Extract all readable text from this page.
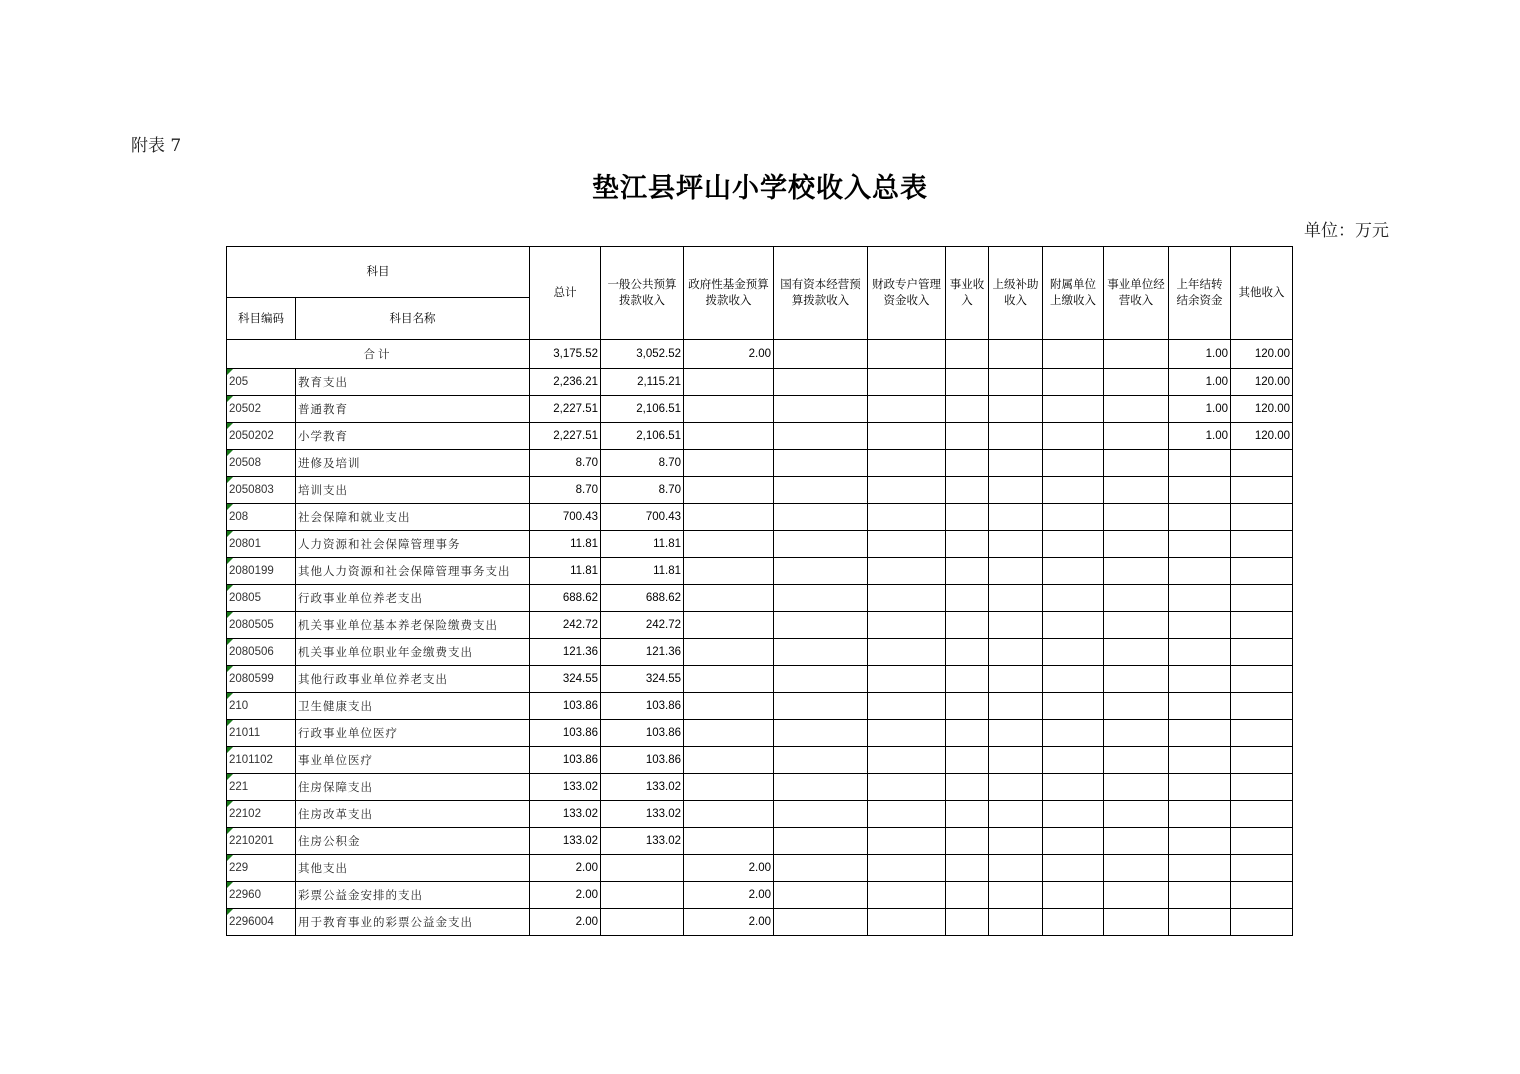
附表 7
垫江县坪山小学校收入总表
单位：万元
科目		总计	一般公共预算拨款收入	政府性基金预算拨款收入	国有资本经营预算拨款收入	财政专户管理资金收入	事业收入	上级补助收入	附属单位上缴收入	事业单位经营收入	上年结转结余资金	其他收入
科目编码	科目名称											
合计		3,175.52	3,052.52	2.00							1.00	120.00
205	教育支出	2,236.21	2,115.21								1.00	120.00
20502	普通教育	2,227.51	2,106.51								1.00	120.00
2050202	小学教育	2,227.51	2,106.51								1.00	120.00
20508	进修及培训	8.70	8.70									
2050803	培训支出	8.70	8.70									
208	社会保障和就业支出	700.43	700.43									
20801	人力资源和社会保障管理事务	11.81	11.81									
2080199	其他人力资源和社会保障管理事务支出	11.81	11.81									
20805	行政事业单位养老支出	688.62	688.62									
2080505	机关事业单位基本养老保险缴费支出	242.72	242.72									
2080506	机关事业单位职业年金缴费支出	121.36	121.36									
2080599	其他行政事业单位养老支出	324.55	324.55									
210	卫生健康支出	103.86	103.86									
21011	行政事业单位医疗	103.86	103.86									
2101102	事业单位医疗	103.86	103.86									
221	住房保障支出	133.02	133.02									
22102	住房改革支出	133.02	133.02									
2210201	住房公积金	133.02	133.02									
229	其他支出	2.00		2.00								
22960	彩票公益金安排的支出	2.00		2.00								
2296004	用于教育事业的彩票公益金支出	2.00		2.00								
